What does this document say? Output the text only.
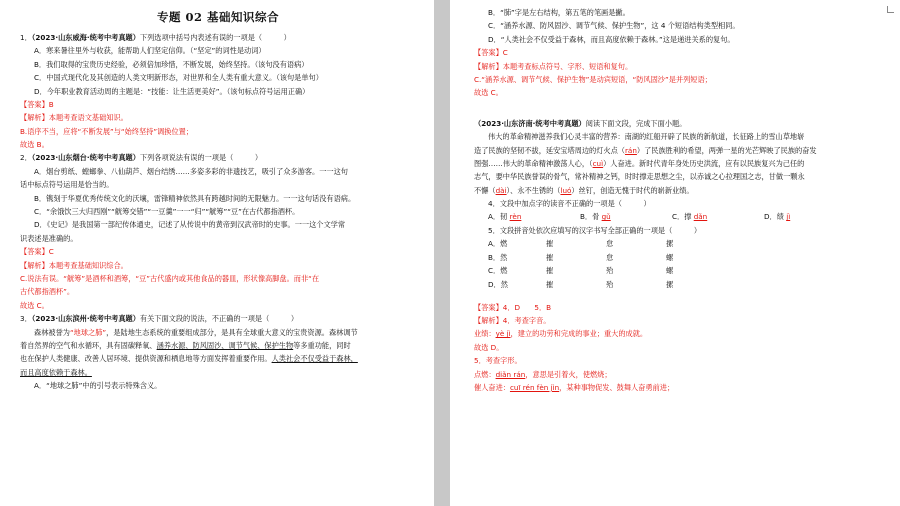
专题 02 基础知识综合
1．（2023·山东威海·统考中考真题）下列选项中括号内表述有误的一项是（　　　）
A．寒来暑往里外与收获，能帮助人们坚定信仰。（“坚定”的词性是动词）
B．我们取得的宝贵历史经验，必须倍加珍惜，不断发展，始终坚持。（该句没有语病）
C．中国式现代化及其创造的人类文明新形态，对世界和全人类有重大意义。（该句是单句）
D．今年职业教育活动周的主题是：“技能：让生活更美好”。（该句标点符号运用正确）
【答案】B
【解析】本题考查语文基础知识。
B.语序不当，应将“不断发展”与“始终坚持”调换位置；
故选 B。
2．（2023·山东烟台·统考中考真题）下列各项说法有误的一项是（　　　）
A．烟台剪纸、螳螂拳、八仙葫芦、烟台结绣……多姿多彩的非遗技艺，吸引了众多游客。一一这句
话中标点符号运用是恰当的。
B．镌刻于华夏优秀传统文化的沃壤，雷锋精神依然具有跨越时间的无限魅力。一一这句话没有语病。
C．“余饿饮三大归西刚”“觥筹交错”“一豆羹”一一“归”“觥筹”“豆”在古代都指酒杯。
D．《史记》是我国第一部纪传体通史，记述了从传说中的黄帝到汉武帝时的史事。一一这个文学常
识表述是准确的。
【答案】C
【解析】本题考查基础知识综合。
C.说法有误。“觥筹”是酒杯和酒筹，“豆”古代盛内或其他食品的器皿，形状像高脚盘。而非“在
古代都指酒杯”。
故选 C。
3．（2023·山东滨州·统考中考真题）有关下面文段的说法，不正确的一项是（　　　）
森林被誉为“地球之肺”，是陆地生态系统的重要组成部分，是具有全球重大意义的宝贵资源。森林调节
着自然界的空气和水循环，具有固碳释氧、涵养水源、防风固沙、调节气候、保护生物等多重功能，同时
也在保护人类健康、改善人居环境、提供资源和栖息地等方面发挥着重要作用。人类社会不仅受益于森林，
而且高度依赖于森林。
A．“地球之肺”中的引号表示特殊含义。
B．“肺”字是左右结构，第五笔的笔画是撇。
C．“涵养水源、防风固沙、调节气候、保护生物”，这 4 个短语结构类型相同。
D．“人类社会不仅受益于森林，而且高度依赖于森林。”这是递进关系的复句。
【答案】C
【解析】本题考查标点符号、字形、短语和复句。
C.“涵养水源、调节气候、保护生物”是动宾短语，“防风固沙”是并列短语；
故选 C。
（2023·山东济南·统考中考真题）阅读下面文段，完成下面小题。
伟大的革命精神滋养我们心灵丰富的营养：南湖的红船开辟了民族的新航道，长征路上的雪山草地崭
造了民族的坚韧不拔，延安宝塔周边的灯火点（rán）了民族胜利的希望，两弹一星的光芒辉映了民族的奋发
图强……伟大的革命精神激荡人心，（cuì）人奋进。新时代青年身处历史洪流，应有以民族复兴为己任的
志气，要中华民族誉误的骨气，常补精神之钙，时时撑走思想之尘，以赤诚之心拉理国之志，甘做一颗永
不懈（dài）、永不生锈的（luó）丝钉，创造无愧于时代的崭新业绩。
4．文段中加点字的读音不正确的一项是（　　　）
A．韧 rèn	B．骨 gǔ	C．撑 dǎn	D．绩 jì
5．文段拼音处依次应填写的汉字书写全部正确的一项是（　　　）
A．燃	摧	怠	摞
B．然	摧	怠	螺
C．燃	摧	殆	螺
D．然	摧	殆	摞
【答案】4．D　　5．B
【解析】4．考查字音。
业绩：yè jì，建立的功劳和完成的事业；重大的成就。
故选 D。
5．考查字形。
点燃：diǎn rán，意思是引着火，使燃烧；
催人奋进：cuī rén fèn jìn，某种事物促发、鼓舞人奋勇前进；
